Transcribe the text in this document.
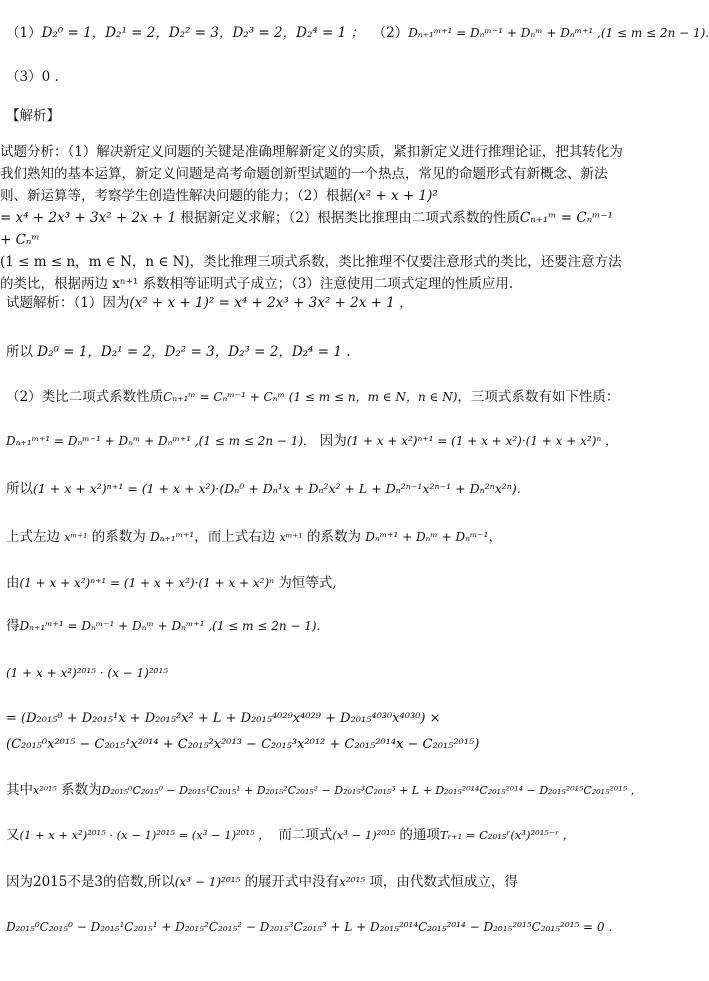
（1）D₂⁰ = 1，D₂¹ = 2，D₂² = 3，D₂³ = 2，D₂⁴ = 1 ； （2）Dₙ₊₁ᵐ⁺¹ = Dₙᵐ⁻¹ + Dₙᵐ + Dₙᵐ⁺¹ ,(1 ≤ m ≤ 2n − 1).
（3）0 .
【解析】
试题分析：（1）解决新定义问题的关键是准确理解新定义的实质，紧扣新定义进行推理论证，把其转化为我们熟知的基本运算，新定义问题是高考命题创新型试题的一个热点，常见的命题形式有新概念、新法则、新运算等，考察学生创造性解决问题的能力；（2）根据(x² + x + 1)²
= x⁴ + 2x³ + 3x² + 2x + 1 根据新定义求解；（2）根据类比推理由二项式系数的性质Cₙ₊₁ᵐ = Cₙᵐ⁻¹ + Cₙᵐ
(1 ≤ m ≤ n，m ∈ N，n ∈ N)，类比推理三项式系数，类比推理不仅要注意形式的类比，还要注意方法的类比，根据两边 xⁿ⁺¹ 系数相等证明式子成立；（3）注意使用二项式定理的性质应用.
试题解析：（1）因为(x² + x + 1)² = x⁴ + 2x³ + 3x² + 2x + 1 ，
所以 D₂⁰ = 1，D₂¹ = 2，D₂² = 3，D₂³ = 2，D₂⁴ = 1 .
（2）类比二项式系数性质Cₙ₊₁ᵐ = Cₙᵐ⁻¹ + Cₙᵐ (1 ≤ m ≤ n，m ∈ N，n ∈ N)，三项式系数有如下性质：
Dₙ₊₁ᵐ⁺¹ = Dₙᵐ⁻¹ + Dₙᵐ + Dₙᵐ⁺¹ ,(1 ≤ m ≤ 2n − 1). 因为(1 + x + x²)ⁿ⁺¹ = (1 + x + x²)·(1 + x + x²)ⁿ ，
所以(1 + x + x²)ⁿ⁺¹ = (1 + x + x²)·(Dₙ⁰ + Dₙ¹x + Dₙ²x² + L + Dₙ²ⁿ⁻¹x²ⁿ⁻¹ + Dₙ²ⁿx²ⁿ).
上式左边 xᵐ⁺¹ 的系数为 Dₙ₊₁ᵐ⁺¹，而上式右边 xᵐ⁺¹ 的系数为 Dₙᵐ⁺¹ + Dₙᵐ + Dₙᵐ⁻¹，
由(1 + x + x²)ⁿ⁺¹ = (1 + x + x²)·(1 + x + x²)ⁿ 为恒等式,
得Dₙ₊₁ᵐ⁺¹ = Dₙᵐ⁻¹ + Dₙᵐ + Dₙᵐ⁺¹ ,(1 ≤ m ≤ 2n − 1).
(1 + x + x²)²⁰¹⁵ · (x − 1)²⁰¹⁵
= (D₂₀₁₅⁰ + D₂₀₁₅¹x + D₂₀₁₅²x² + L + D₂₀₁₅⁴⁰²⁹x⁴⁰²⁹ + D₂₀₁₅⁴⁰³⁰x⁴⁰³⁰) ×
(C₂₀₁₅⁰x²⁰¹⁵ − C₂₀₁₅¹x²⁰¹⁴ + C₂₀₁₅²x²⁰¹³ − C₂₀₁₅³x²⁰¹² + C₂₀₁₅²⁰¹⁴x − C₂₀₁₅²⁰¹⁵)
其中x²⁰¹⁵ 系数为D₂₀₁₅⁰C₂₀₁₅⁰ − D₂₀₁₅¹C₂₀₁₅¹ + D₂₀₁₅²C₂₀₁₅² − D₂₀₁₅³C₂₀₁₅³ + L + D₂₀₁₅²⁰¹⁴C₂₀₁₅²⁰¹⁴ − D₂₀₁₅²⁰¹⁵C₂₀₁₅²⁰¹⁵ ，
又(1 + x + x²)²⁰¹⁵ · (x − 1)²⁰¹⁵ = (x³ − 1)²⁰¹⁵ ， 而二项式(x³ − 1)²⁰¹⁵ 的通项Tᵣ₊₁ = C₂₀₁₅ʳ(x³)²⁰¹⁵⁻ʳ ，
因为2015不是3的倍数,所以(x³ − 1)²⁰¹⁵ 的展开式中没有x²⁰¹⁵ 项，由代数式恒成立，得
D₂₀₁₅⁰C₂₀₁₅⁰ − D₂₀₁₅¹C₂₀₁₅¹ + D₂₀₁₅²C₂₀₁₅² − D₂₀₁₅³C₂₀₁₅³ + L + D₂₀₁₅²⁰¹⁴C₂₀₁₅²⁰¹⁴ − D₂₀₁₅²⁰¹⁵C₂₀₁₅²⁰¹⁵ = 0 .
